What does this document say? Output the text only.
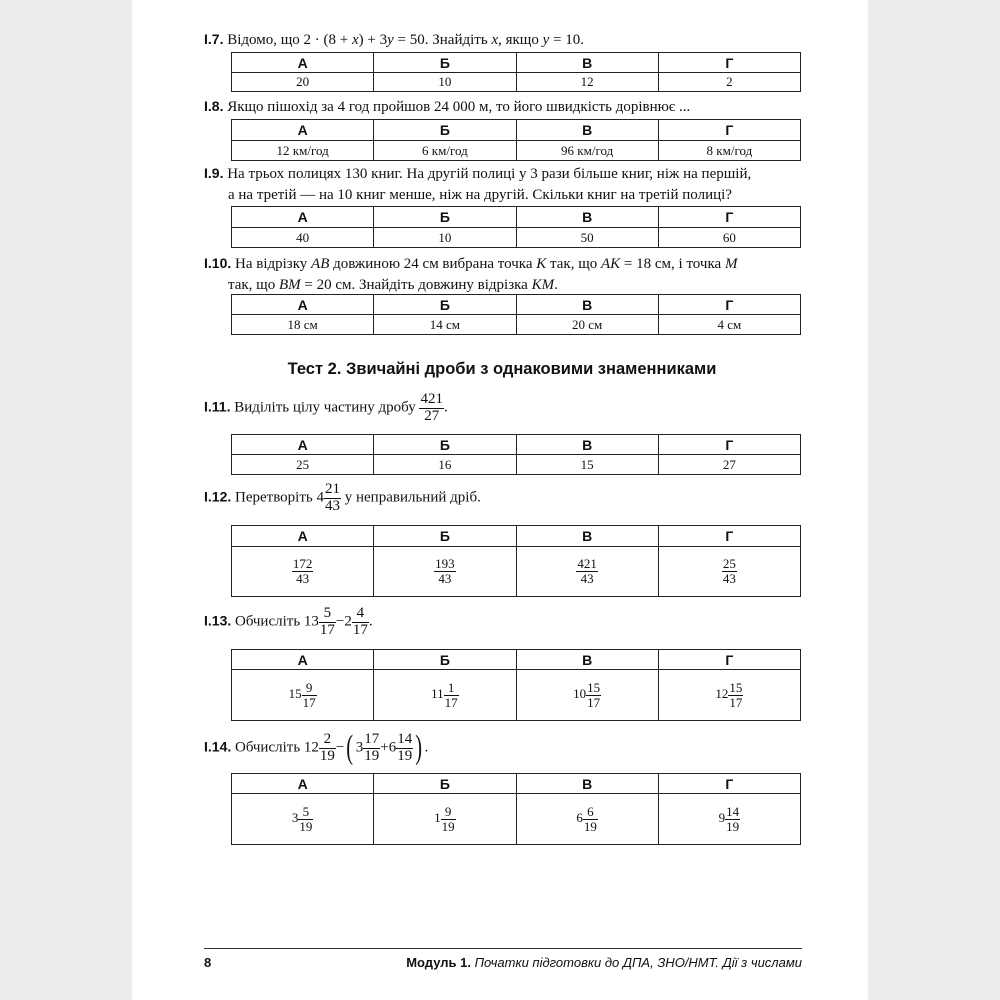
I.7. Відомо, що 2 · (8 + x) + 3y = 50. Знайдіть x, якщо y = 10.
А	Б	В	Г
20	10	12	2
I.8. Якщо пішохід за 4 год пройшов 24 000 м, то його швидкість дорівнює ...
А	Б	В	Г
12 км/год	6 км/год	96 км/год	8 км/год
I.9. На трьох полицях 130 книг. На другій полиці у 3 рази більше книг, ніж на першій,
а на третій — на 10 книг менше, ніж на другій. Скільки книг на третій полиці?
А	Б	В	Г
40	10	50	60
I.10. На відрізку AB довжиною 24 см вибрана точка K так, що AK = 18 см, і точка M
так, що BM = 20 см. Знайдіть довжину відрізка KM.
А	Б	В	Г
18 см	14 см	20 см	4 см
Тест 2. Звичайні дроби з однаковими знаменниками
I.11. Виділіть цілу частину дробу $\frac{421}{27}$ .
А	Б	В	Г
25	16	15	27
I.12. Перетворіть $4 \frac{21}{43}$ у неправильний дріб.
А	Б	В	Г

$\frac{172}{43}$	$\frac{193}{43}$	$\frac{421}{43}$	$\frac{25}{43}$
I.13. Обчисліть $13 \frac{5}{17} -2 \frac{4}{17}$ .
А	Б	В	Г
$15 \frac{9}{17}$	$11 \frac{1}{17}$	$10 \frac{15}{17}$	$12 \frac{15}{17}$
I.14. Обчисліть $12 \frac{2}{19}$ −( $3 \frac{17}{19} +6 \frac{14}{19}$ ) .
А	Б	В	Г
$3 \frac{5}{19}$	$1 \frac{9}{19}$	$6 \frac{6}{19}$	$9 \frac{14}{19}$
8	Модуль 1. Початки підготовки до ДПА, ЗНО/НМТ. Дії з числами
